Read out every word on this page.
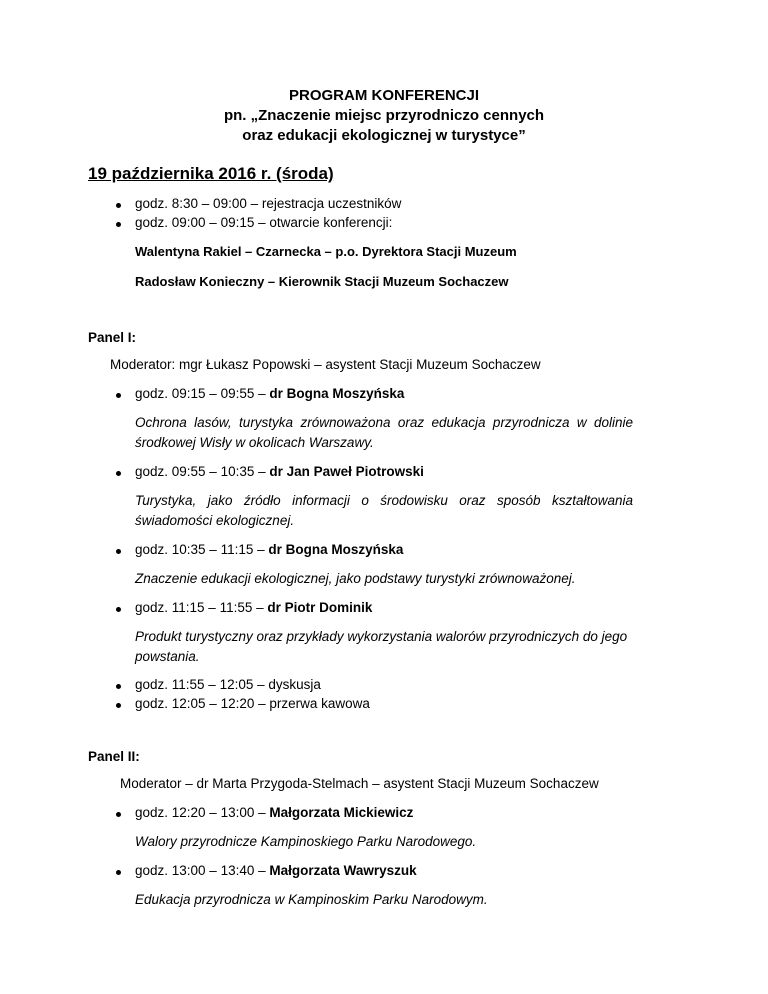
PROGRAM KONFERENCJI
pn. „Znaczenie miejsc przyrodniczo cennych
oraz edukacji ekologicznej w turystyce”
19 października 2016 r. (środa)
godz. 8:30 – 09:00 – rejestracja uczestników
godz. 09:00 – 09:15 – otwarcie konferencji:
Walentyna Rakiel – Czarnecka – p.o. Dyrektora Stacji Muzeum
Radosław Konieczny – Kierownik Stacji Muzeum Sochaczew
Panel I:
Moderator: mgr Łukasz Popowski – asystent Stacji Muzeum Sochaczew
godz. 09:15 – 09:55 – dr Bogna Moszyńska
Ochrona lasów, turystyka zrównoważona oraz edukacja przyrodnicza w dolinie
środkowej Wisły w okolicach Warszawy.
godz. 09:55 – 10:35 – dr Jan Paweł Piotrowski
Turystyka, jako źródło informacji o środowisku oraz sposób kształtowania
świadomości ekologicznej.
godz. 10:35 – 11:15 – dr Bogna Moszyńska
Znaczenie edukacji ekologicznej, jako podstawy turystyki zrównoważonej.
godz. 11:15 – 11:55 – dr Piotr Dominik
Produkt turystyczny oraz przykłady wykorzystania walorów przyrodniczych do jego
powstania.
godz. 11:55 – 12:05 – dyskusja
godz. 12:05 – 12:20 – przerwa kawowa
Panel II:
Moderator – dr Marta Przygoda-Stelmach – asystent Stacji Muzeum Sochaczew
godz. 12:20 – 13:00 – Małgorzata Mickiewicz
Walory przyrodnicze Kampinoskiego Parku Narodowego.
godz. 13:00 – 13:40 – Małgorzata Wawryszuk
Edukacja przyrodnicza w Kampinoskim Parku Narodowym.
